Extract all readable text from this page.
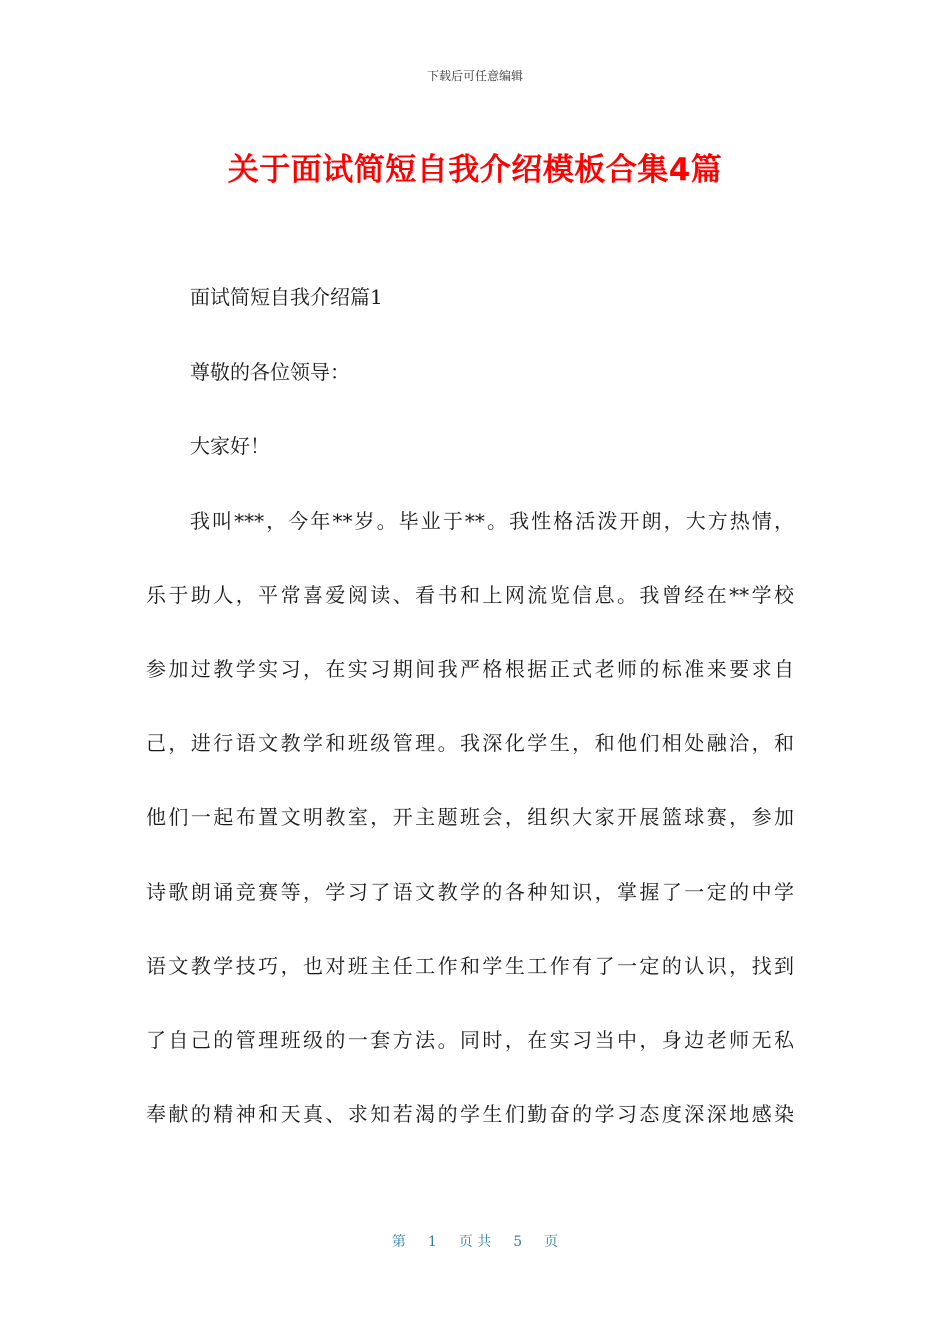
下载后可任意编辑
关于面试简短自我介绍模板合集4篇
面试简短自我介绍篇1
尊敬的各位领导：
大家好！
我叫***，今年**岁。毕业于**。我性格活泼开朗，大方热情，
乐于助人，平常喜爱阅读、看书和上网流览信息。我曾经在**学校
参加过教学实习，在实习期间我严格根据正式老师的标准来要求自
己，进行语文教学和班级管理。我深化学生，和他们相处融洽，和
他们一起布置文明教室，开主题班会，组织大家开展篮球赛，参加
诗歌朗诵竞赛等，学习了语文教学的各种知识，掌握了一定的中学
语文教学技巧，也对班主任工作和学生工作有了一定的认识，找到
了自己的管理班级的一套方法。同时，在实习当中，身边老师无私
奉献的精神和天真、求知若渴的学生们勤奋的学习态度深深地感染
第 1 页 共 5 页
